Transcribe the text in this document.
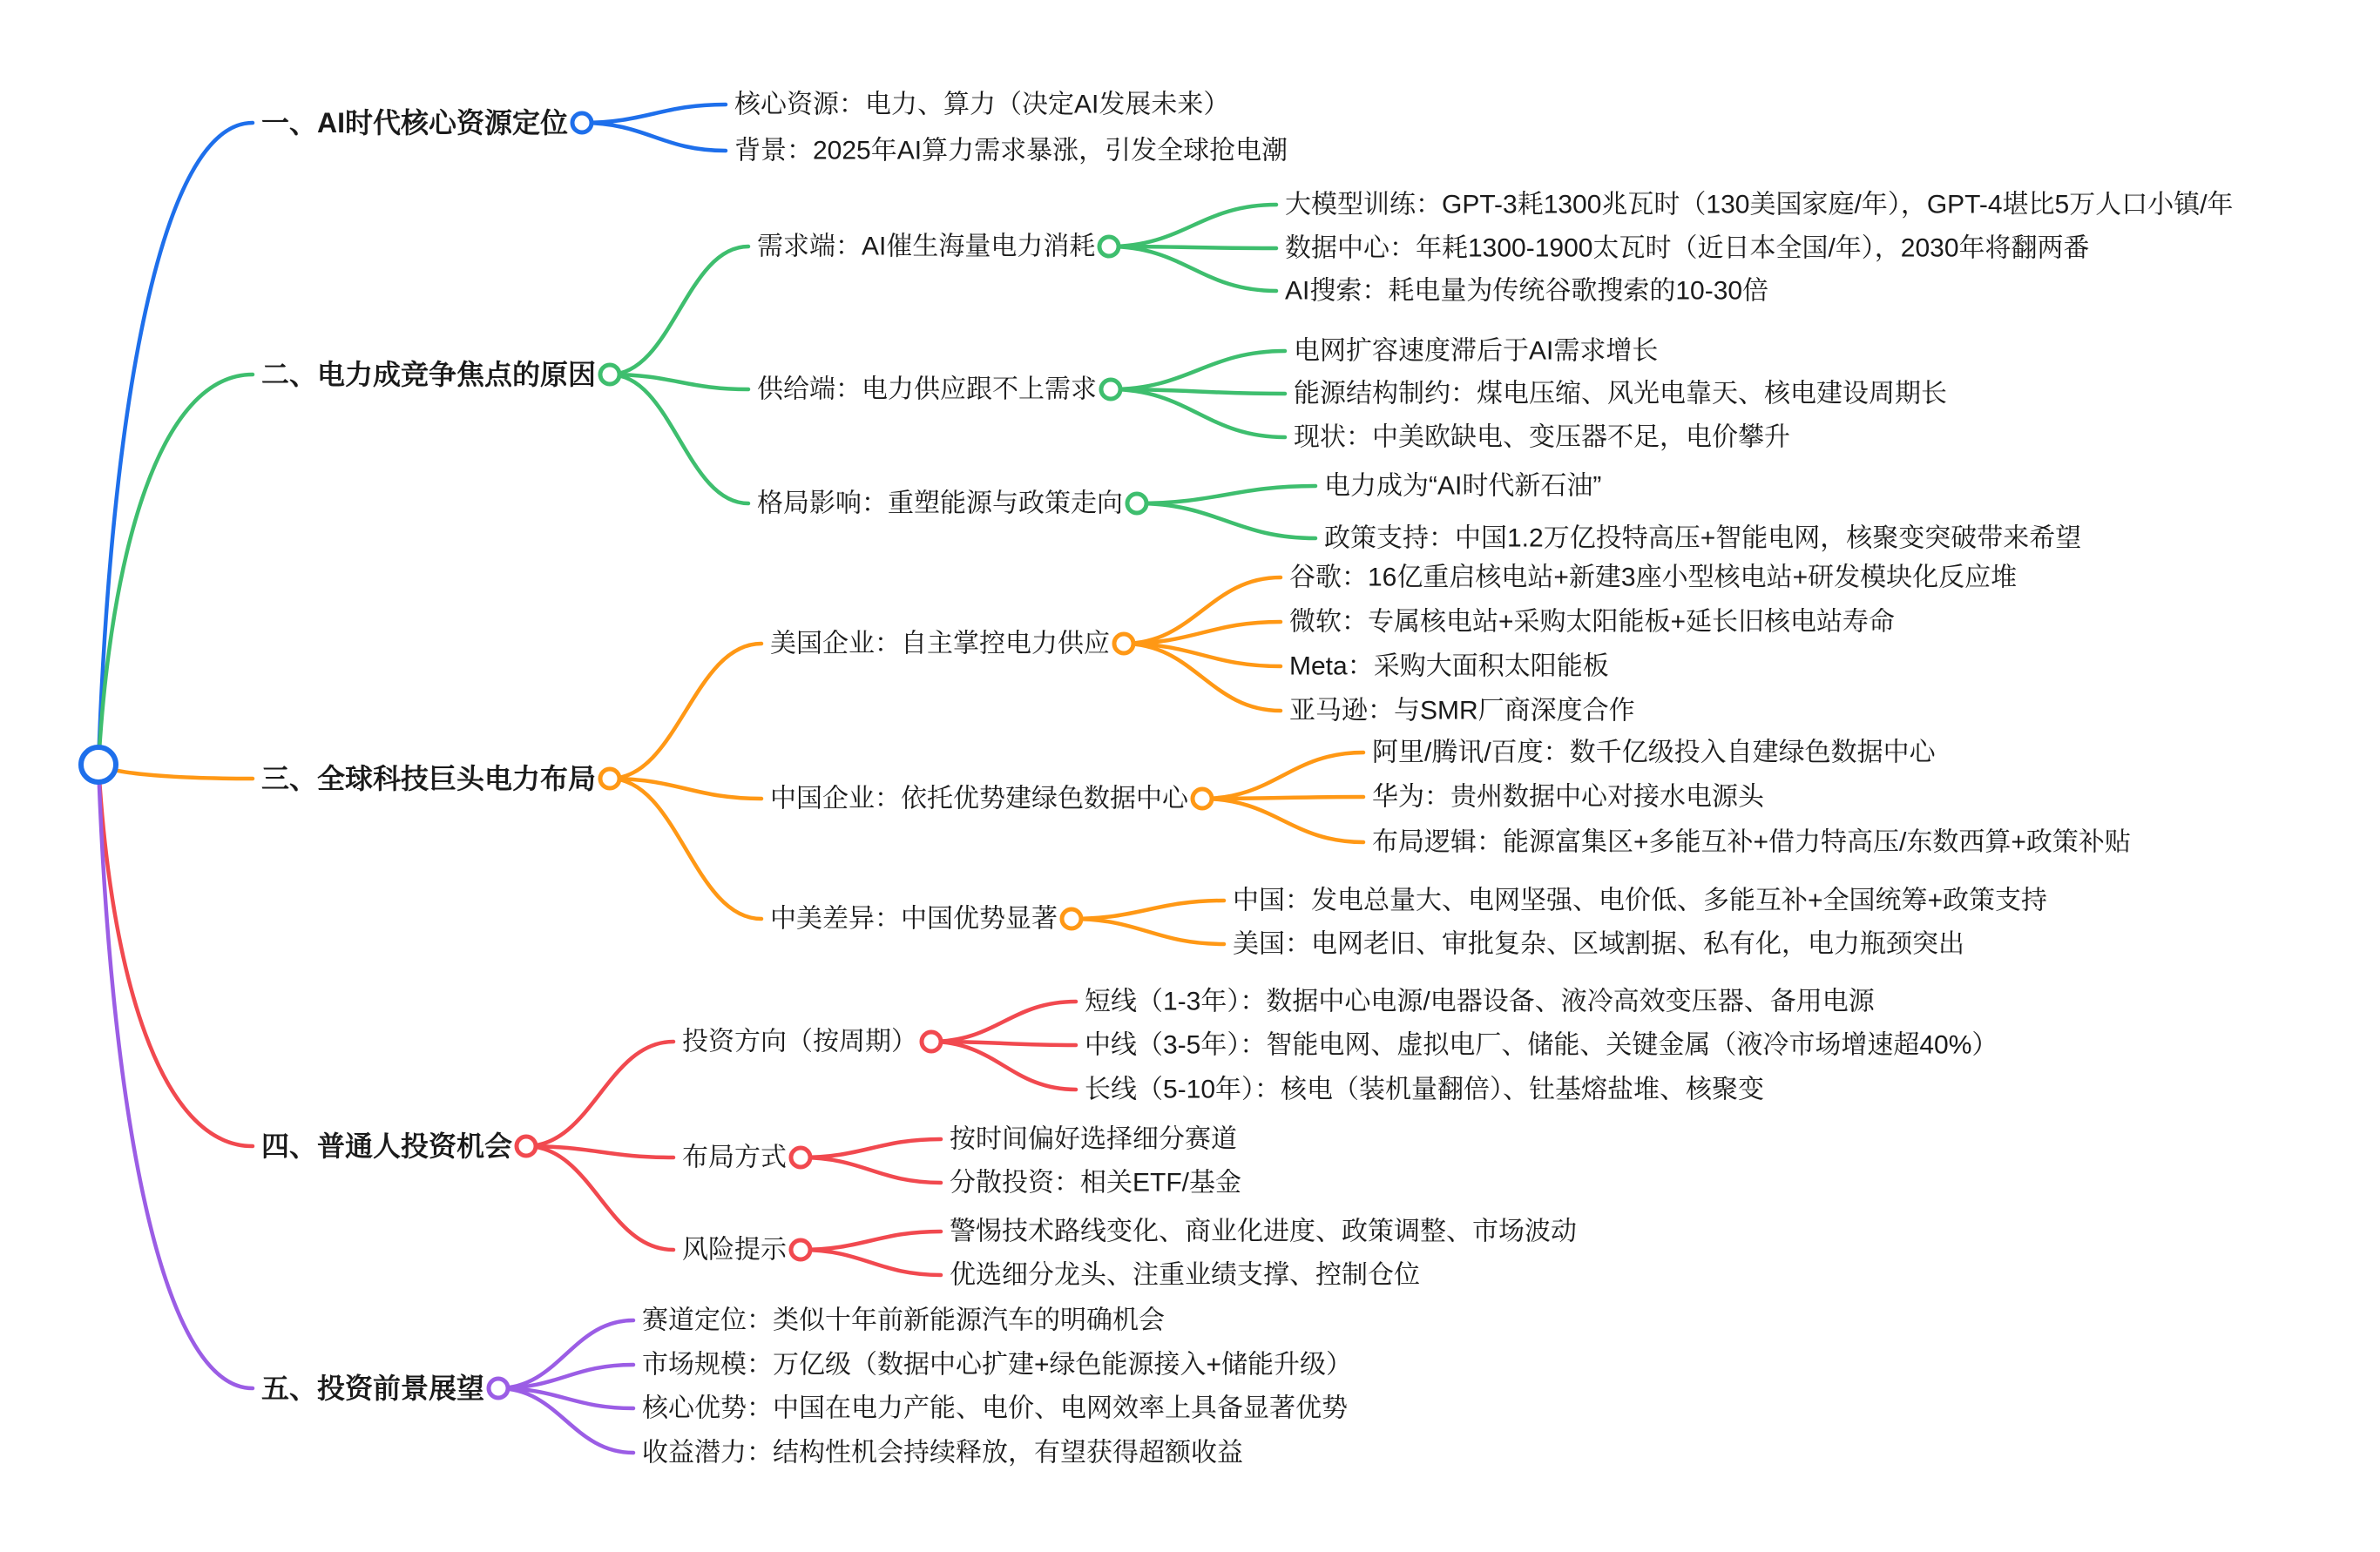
一、AI时代核心资源定位
核心资源：电力、算力（决定AI发展未来）
背景：2025年AI算力需求暴涨，引发全球抢电潮
二、电力成竞争焦点的原因
需求端：AI催生海量电力消耗
大模型训练：GPT-3耗1300兆瓦时（130美国家庭/年），GPT-4堪比5万人口小镇/年
数据中心：年耗1300-1900太瓦时（近日本全国/年），2030年将翻两番
AI搜索：耗电量为传统谷歌搜索的10-30倍
供给端：电力供应跟不上需求
电网扩容速度滞后于AI需求增长
能源结构制约：煤电压缩、风光电靠天、核电建设周期长
现状：中美欧缺电、变压器不足，电价攀升
格局影响：重塑能源与政策走向
电力成为“AI时代新石油”
政策支持：中国1.2万亿投特高压+智能电网，核聚变突破带来希望
三、全球科技巨头电力布局
美国企业：自主掌控电力供应
谷歌：16亿重启核电站+新建3座小型核电站+研发模块化反应堆
微软：专属核电站+采购太阳能板+延长旧核电站寿命
Meta：采购大面积太阳能板
亚马逊：与SMR厂商深度合作
中国企业：依托优势建绿色数据中心
阿里/腾讯/百度：数千亿级投入自建绿色数据中心
华为：贵州数据中心对接水电源头
布局逻辑：能源富集区+多能互补+借力特高压/东数西算+政策补贴
中美差异：中国优势显著
中国：发电总量大、电网坚强、电价低、多能互补+全国统筹+政策支持
美国：电网老旧、审批复杂、区域割据、私有化，电力瓶颈突出
四、普通人投资机会
投资方向（按周期）
短线（1-3年）：数据中心电源/电器设备、液冷高效变压器、备用电源
中线（3-5年）：智能电网、虚拟电厂、储能、关键金属（液冷市场增速超40%）
长线（5-10年）：核电（装机量翻倍）、钍基熔盐堆、核聚变
布局方式
按时间偏好选择细分赛道
分散投资：相关ETF/基金
风险提示
警惕技术路线变化、商业化进度、政策调整、市场波动
优选细分龙头、注重业绩支撑、控制仓位
五、投资前景展望
赛道定位：类似十年前新能源汽车的明确机会
市场规模：万亿级（数据中心扩建+绿色能源接入+储能升级）
核心优势：中国在电力产能、电价、电网效率上具备显著优势
收益潜力：结构性机会持续释放，有望获得超额收益
